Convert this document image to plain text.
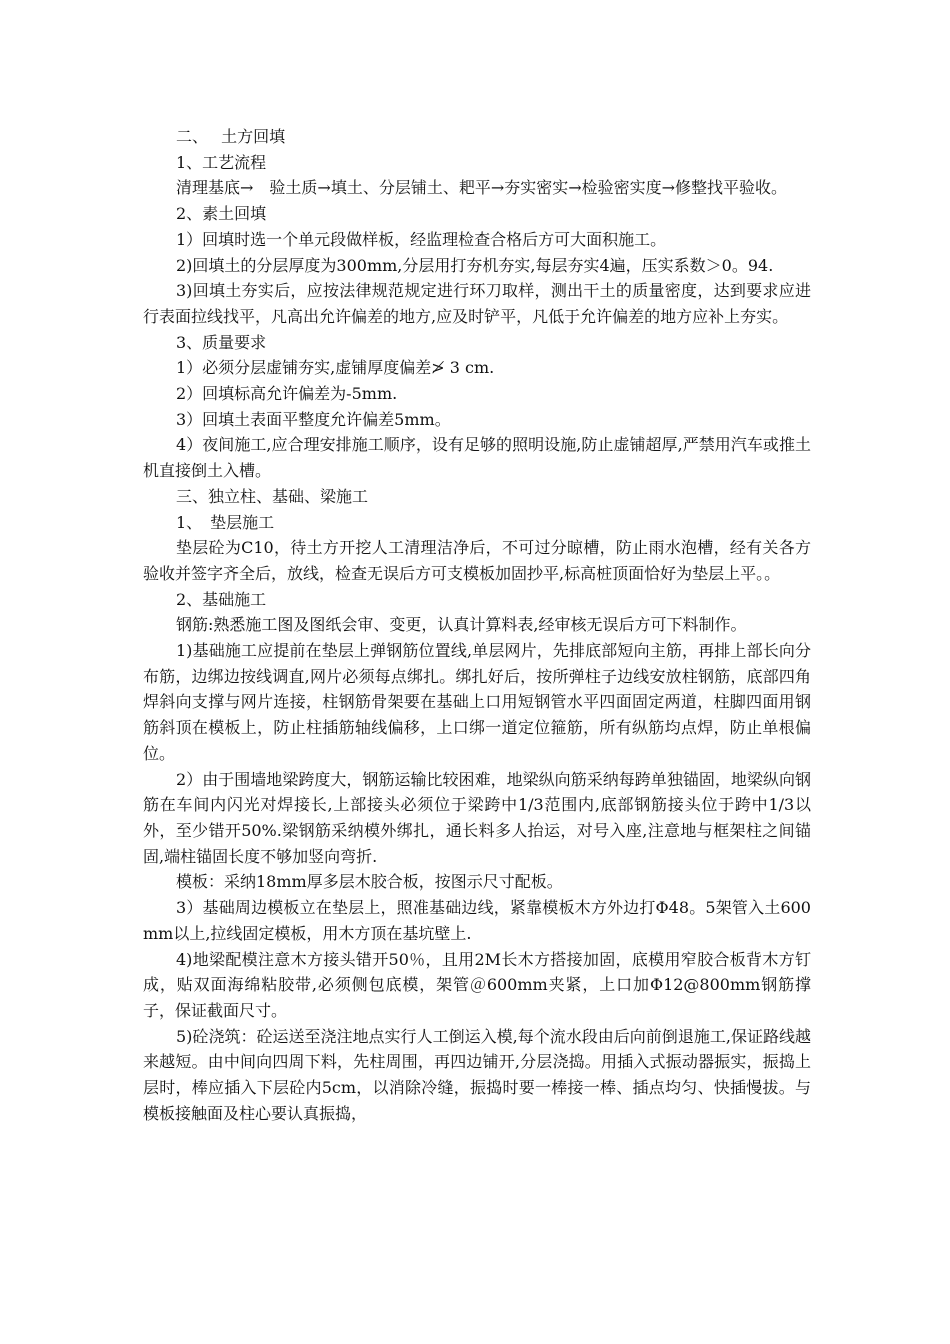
二、　 土方回填

1、工艺流程

清理基底→　验土质→填土、分层铺土、耙平→夯实密实→检验密实度→修整找平验收。

2、素土回填

1）回填时选一个单元段做样板，经监理检查合格后方可大面积施工。

2)回填土的分层厚度为300mm,分层用打夯机夯实,每层夯实4遍，压实系数＞0。94.

3)回填土夯实后，应按法律规范规定进行环刀取样，测出干土的质量密度，达到要求应进行表面拉线找平，凡高出允许偏差的地方,应及时铲平，凡低于允许偏差的地方应补上夯实。

3、质量要求

1）必须分层虚铺夯实,虚铺厚度偏差≯ 3 cm.

2）回填标高允许偏差为-5mm.

3）回填土表面平整度允许偏差5mm。

4）夜间施工,应合理安排施工顺序，设有足够的照明设施,防止虚铺超厚,严禁用汽车或推土机直接倒土入槽。

三、独立柱、基础、梁施工

1、　垫层施工

垫层砼为C10，待土方开挖人工清理洁净后，不可过分晾槽，防止雨水泡槽，经有关各方验收并签字齐全后，放线，检查无误后方可支模板加固抄平,标高桩顶面恰好为垫层上平。。

2、基础施工

钢筋:熟悉施工图及图纸会审、变更，认真计算料表,经审核无误后方可下料制作。

1)基础施工应提前在垫层上弹钢筋位置线,单层网片，先排底部短向主筋，再排上部长向分布筋，边绑边按线调直,网片必须每点绑扎。绑扎好后，按所弹柱子边线安放柱钢筋，底部四角焊斜向支撑与网片连接，柱钢筋骨架要在基础上口用短钢管水平四面固定两道，柱脚四面用钢筋斜顶在模板上，防止柱插筋轴线偏移，上口绑一道定位箍筋，所有纵筋均点焊，防止单根偏位。

2）由于围墙地梁跨度大，钢筋运输比较困难，地梁纵向筋采纳每跨单独锚固，地梁纵向钢筋在车间内闪光对焊接长,上部接头必须位于梁跨中1/3范围内,底部钢筋接头位于跨中1/3以外，至少错开50%.梁钢筋采纳模外绑扎，通长料多人抬运，对号入座,注意地与框架柱之间锚固,端柱锚固长度不够加竖向弯折.

模板：采纳18mm厚多层木胶合板，按图示尺寸配板。

3）基础周边模板立在垫层上，照准基础边线，紧靠模板木方外边打Φ48。5架管入土600mm以上,拉线固定模板，用木方顶在基坑壁上.

4)地梁配模注意木方接头错开50％，且用2M长木方搭接加固，底模用窄胶合板背木方钉成，贴双面海绵粘胶带,必须侧包底模，架管＠600mm夹紧，上口加Φ12@800mm钢筋撑子，保证截面尺寸。

5)砼浇筑：砼运送至浇注地点实行人工倒运入模,每个流水段由后向前倒退施工,保证路线越来越短。由中间向四周下料，先柱周围，再四边铺开,分层浇捣。用插入式振动器振实，振捣上层时，棒应插入下层砼内5cm，以消除冷缝，振捣时要一棒接一棒、插点均匀、快插慢拔。与模板接触面及柱心要认真振捣，
